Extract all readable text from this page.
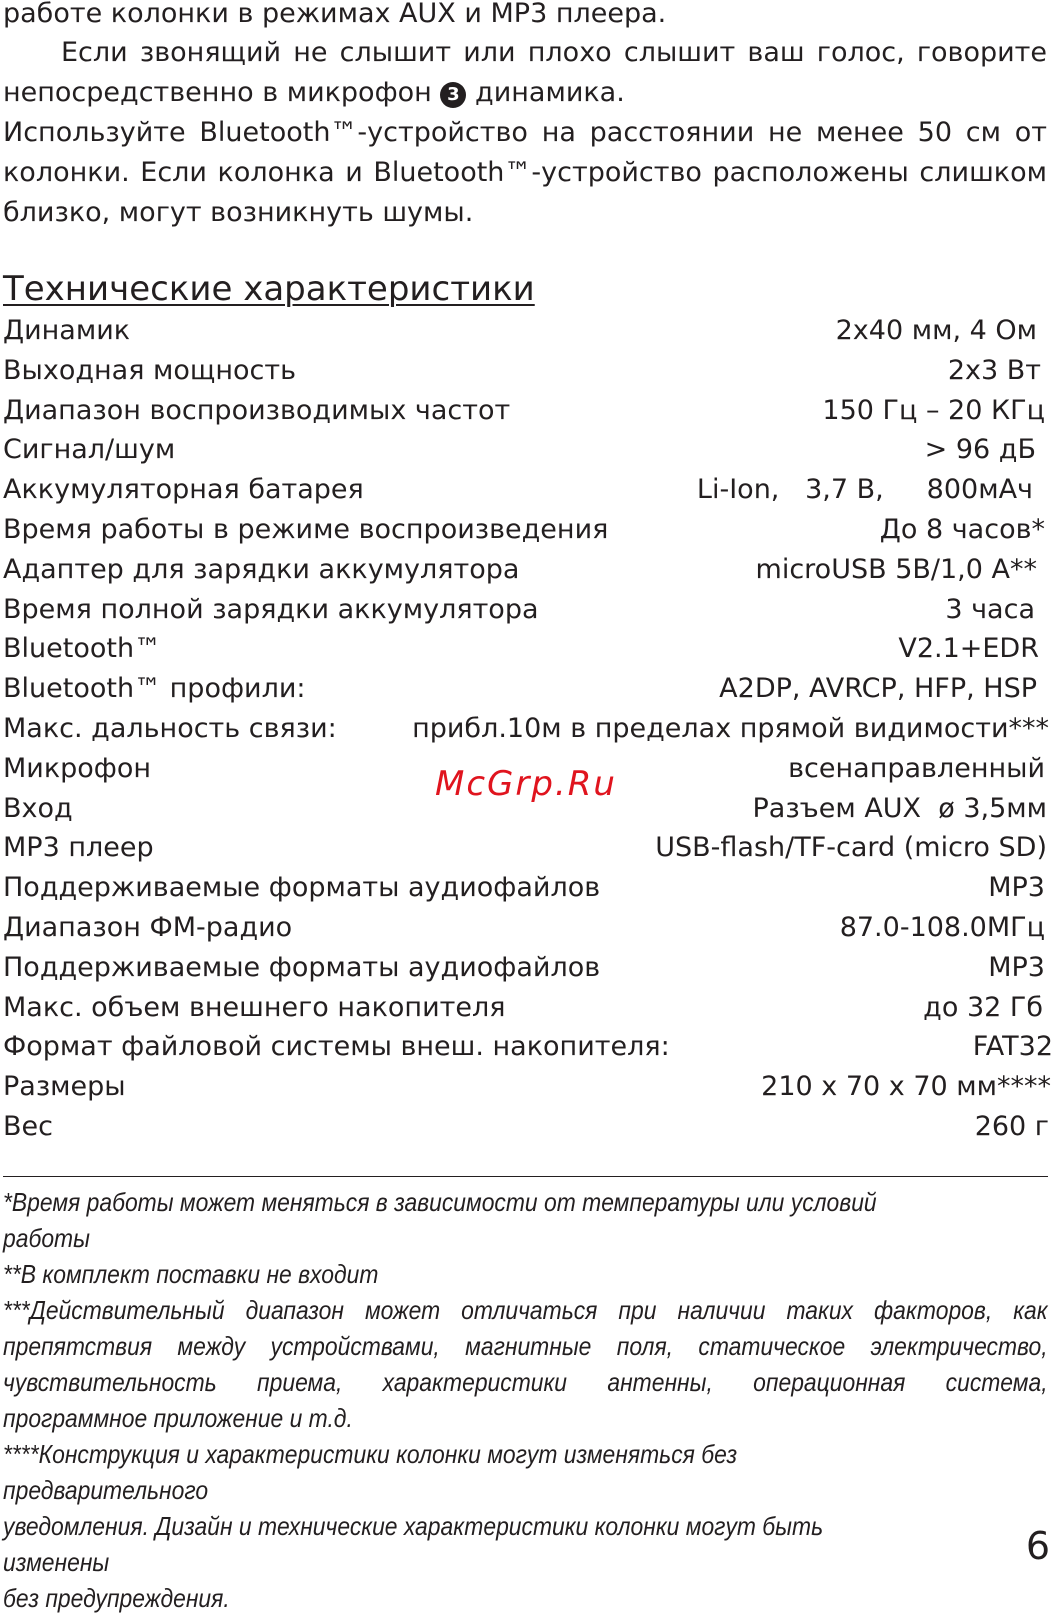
работе колонки в режимах AUX и MP3 плеера.
Если звонящий не слышит или плохо слышит ваш голос, говорите
непосредственно в микрофон 3 динамика.
Используйте Bluetooth™-устройство на расстоянии не менее 50 см от
колонки. Если колонка и Bluetooth™-устройство расположены слишком
близко, могут возникнуть шумы.
Технические характеристики
Динамик	2x40 мм, 4 Ом
Выходная мощность	2x3 Вт
Диапазон воспроизводимых частот	150 Гц – 20 КГц
Сигнал/шум	> 96 дБ
Аккумуляторная батарея	Li-Ion,   3,7 В,     800мАч
Время работы в режиме воспроизведения	До 8 часов*
Адаптер для зарядки аккумулятора	microUSB 5В/1,0 А**
Время полной зарядки аккумулятора	3 часа
Bluetooth™	V2.1+EDR
Bluetooth™ профили:	A2DP, AVRCP, HFP, HSP
Макс. дальность связи:	прибл.10м в пределах прямой видимости***
Микрофон	всенаправленный
Вход	Разъем AUX  ø 3,5мм
MP3 плеер	USB-flash/TF-card (micro SD)
Поддерживаемые форматы аудиофайлов	MP3
Диапазон ФМ-радио	87.0-108.0МГц
Поддерживаемые форматы аудиофайлов	MP3
Макс. объем внешнего накопителя	до 32 Гб
Формат файловой системы внеш. накопителя:	FAT32
Размеры	210 x 70 x 70 мм****
Вес	260 г
McGrp.Ru
*Время работы может меняться в зависимости от температуры или условий работы
**В комплект поставки не входит
***Действительный диапазон может отличаться при наличии таких факторов, как
препятствия между устройствами, магнитные поля, статическое электричество,
чувствительность приема, характеристики антенны, операционная система,
программное приложение и т.д.
****Конструкция и характеристики колонки могут изменяться без предварительного
уведомления. Дизайн и технические характеристики колонки могут быть изменены
без предупреждения.
6
